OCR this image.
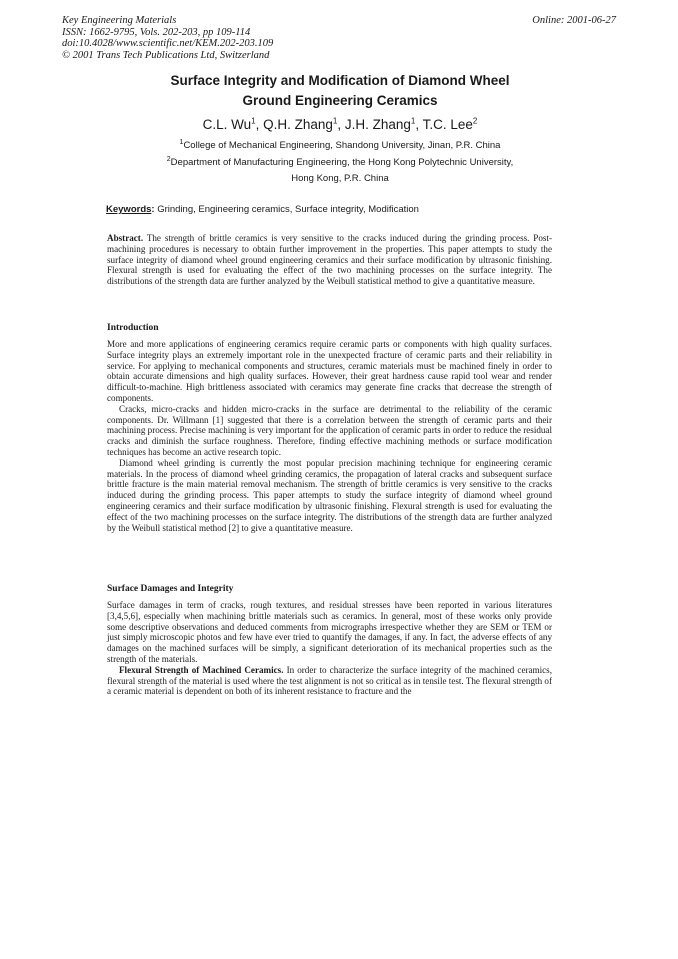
Key Engineering Materials
ISSN: 1662-9795, Vols. 202-203, pp 109-114
doi:10.4028/www.scientific.net/KEM.202-203.109
© 2001 Trans Tech Publications Ltd, Switzerland
Online: 2001-06-27
Surface Integrity and Modification of Diamond Wheel
Ground Engineering Ceramics
C.L. Wu$^1$, Q.H. Zhang$^1$, J.H. Zhang$^1$, T.C. Lee$^2$
$^1$College of Mechanical Engineering, Shandong University, Jinan, P.R. China
$^2$Department of Manufacturing Engineering, the Hong Kong Polytechnic University,
Hong Kong, P.R. China
Keywords: Grinding, Engineering ceramics, Surface integrity, Modification

Abstract. The strength of brittle ceramics is very sensitive to the cracks induced during the grinding process. Post-machining procedures is necessary to obtain further improvement in the properties. This paper attempts to study the surface integrity of diamond wheel ground engineering ceramics and their surface modification by ultrasonic finishing. Flexural strength is used for evaluating the effect of the two machining processes on the surface integrity. The distributions of the strength data are further analyzed by the Weibull statistical method to give a quantitative measure.

Introduction

More and more applications of engineering ceramics require ceramic parts or components with high quality surfaces. Surface integrity plays an extremely important role in the unexpected fracture of ceramic parts and their reliability in service. For applying to mechanical components and structures, ceramic materials must be machined finely in order to obtain accurate dimensions and high quality surfaces. However, their great hardness cause rapid tool wear and render difficult-to-machine. High brittleness associated with ceramics may generate fine cracks that decrease the strength of components.

Cracks, micro-cracks and hidden micro-cracks in the surface are detrimental to the reliability of the ceramic components. Dr. Willmann [1] suggested that there is a correlation between the strength of ceramic parts and their machining process. Precise machining is very important for the application of ceramic parts in order to reduce the residual cracks and diminish the surface roughness. Therefore, finding effective machining methods or surface modification techniques has become an active research topic.

Diamond wheel grinding is currently the most popular precision machining technique for engineering ceramic materials. In the process of diamond wheel grinding ceramics, the propagation of lateral cracks and subsequent surface brittle fracture is the main material removal mechanism. The strength of brittle ceramics is very sensitive to the cracks induced during the grinding process. This paper attempts to study the surface integrity of diamond wheel ground engineering ceramics and their surface modification by ultrasonic finishing. Flexural strength is used for evaluating the effect of the two machining processes on the surface integrity. The distributions of the strength data are further analyzed by the Weibull statistical method [2] to give a quantitative measure.

Surface Damages and Integrity

Surface damages in term of cracks, rough textures, and residual stresses have been reported in various literatures [3,4,5,6], especially when machining brittle materials such as ceramics. In general, most of these works only provide some descriptive observations and deduced comments from micrographs irrespective whether they are SEM or TEM or just simply microscopic photos and few have ever tried to quantify the damages, if any. In fact, the adverse effects of any damages on the machined surfaces will be simply, a significant deterioration of its mechanical properties such as the strength of the materials.

Flexural Strength of Machined Ceramics. In order to characterize the surface integrity of the machined ceramics, flexural strength of the material is used where the test alignment is not so critical as in tensile test. The flexural strength of a ceramic material is dependent on both of its inherent resistance to fracture and the
